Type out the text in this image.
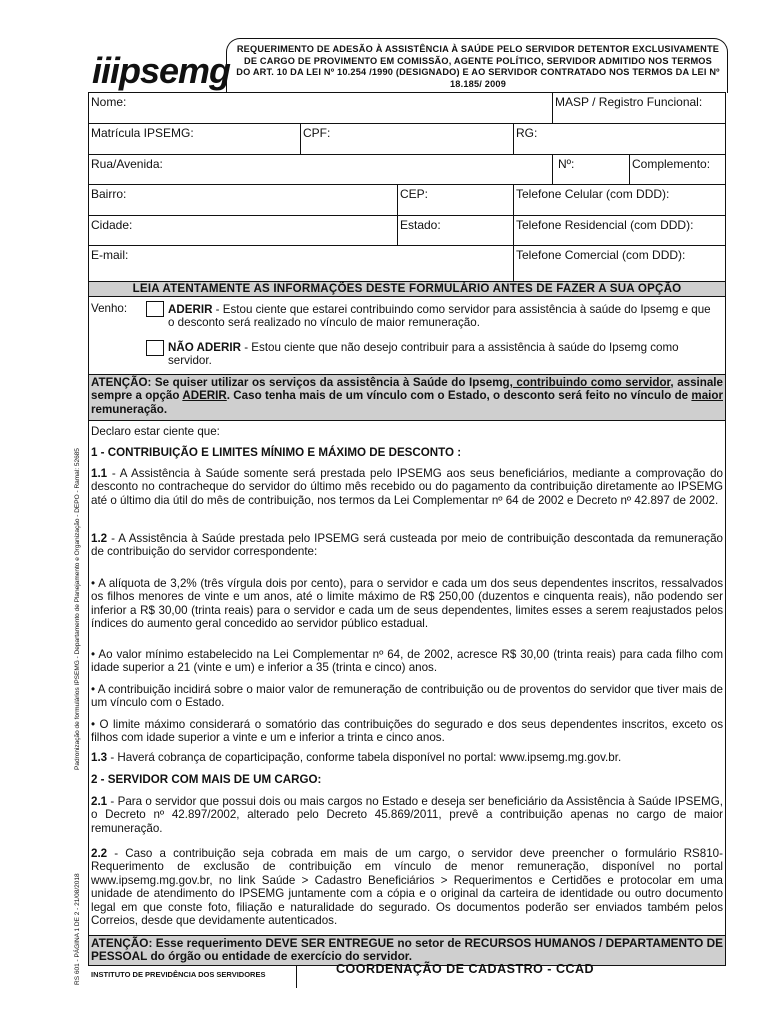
iiipsemg
REQUERIMENTO DE ADESÃO À ASSISTÊNCIA À SAÚDE PELO SERVIDOR DETENTOR EXCLUSIVAMENTE DE CARGO DE PROVIMENTO EM COMISSÃO, AGENTE POLÍTICO, SERVIDOR ADMITIDO NOS TERMOS DO ART. 10 DA LEI Nº 10.254 /1990 (DESIGNADO) E AO SERVIDOR CONTRATADO NOS TERMOS DA LEI Nº 18.185/ 2009
Padronização de formulários IPSEMG - Departamento de Planejamento e Organização - DEPO - Ramal: 52685
RS 601 - PÁGINA 1 DE 2 - 21/08/2018
Nome:	MASP / Registro Funcional:
Matrícula IPSEMG:	CPF:	RG:
Rua/Avenida:	Nº:	Complemento:
Bairro:	CEP:	Telefone Celular (com DDD):
Cidade:	Estado:	Telefone Residencial (com DDD):
E-mail:	Telefone Comercial (com DDD):
LEIA ATENTAMENTE AS INFORMAÇÕES DESTE FORMULÁRIO ANTES DE FAZER A SUA OPÇÃO
Venho:	ADERIR - Estou ciente que estarei contribuindo como servidor para assistência à saúde do Ipsemg e que o desconto será realizado no vínculo de maior remuneração.
NÃO ADERIR - Estou ciente que não desejo contribuir para a assistência à saúde do Ipsemg como servidor.
ATENÇÃO: Se quiser utilizar os serviços da assistência à Saúde do Ipsemg, contribuindo como servidor, assinale sempre a opção ADERIR. Caso tenha mais de um vínculo com o Estado, o desconto será feito no vínculo de maior remuneração.
Declaro estar ciente que:
1 - CONTRIBUIÇÃO E LIMITES MÍNIMO E MÁXIMO DE DESCONTO :
1.1 - A Assistência à Saúde somente será prestada pelo IPSEMG aos seus beneficiários, mediante a comprovação do desconto no contracheque do servidor do último mês recebido ou do pagamento da contribuição diretamente ao IPSEMG até o último dia útil do mês de contribuição, nos termos da Lei Complementar nº 64 de 2002 e Decreto nº 42.897 de 2002.
1.2 - A Assistência à Saúde prestada pelo IPSEMG será custeada por meio de contribuição descontada da remuneração de contribuição do servidor correspondente:
• A alíquota de 3,2% (três vírgula dois por cento), para o servidor e cada um dos seus dependentes inscritos, ressalvados os filhos menores de vinte e um anos, até o limite máximo de R$ 250,00 (duzentos e cinquenta reais), não podendo ser inferior a R$ 30,00 (trinta reais) para o servidor e cada um de seus dependentes, limites esses a serem reajustados pelos índices do aumento geral concedido ao servidor público estadual.
• Ao valor mínimo estabelecido na Lei Complementar nº 64, de 2002, acresce R$ 30,00 (trinta reais) para cada filho com idade superior a 21 (vinte e um) e inferior a 35 (trinta e cinco) anos.
• A contribuição incidirá sobre o maior valor de remuneração de contribuição ou de proventos do servidor que tiver mais de um vínculo com o Estado.
• O limite máximo considerará o somatório das contribuições do segurado e dos seus dependentes inscritos, exceto os filhos com idade superior a vinte e um e inferior a trinta e cinco anos.
1.3 - Haverá cobrança de coparticipação, conforme tabela disponível no portal: www.ipsemg.mg.gov.br.
2 - SERVIDOR COM MAIS DE UM CARGO:
2.1 - Para o servidor que possui dois ou mais cargos no Estado e deseja ser beneficiário da Assistência à Saúde IPSEMG, o Decreto nº 42.897/2002, alterado pelo Decreto 45.869/2011, prevê a contribuição apenas no cargo de maior remuneração.
2.2 - Caso a contribuição seja cobrada em mais de um cargo, o servidor deve preencher o formulário RS810-Requerimento de exclusão de contribuição em vínculo de menor remuneração, disponível no portal www.ipsemg.mg.gov.br, no link Saúde > Cadastro Beneficiários > Requerimentos e Certidões e protocolar em uma unidade de atendimento do IPSEMG juntamente com a cópia e o original da carteira de identidade ou outro documento legal em que conste foto, filiação e naturalidade do segurado. Os documentos poderão ser enviados também pelos Correios, desde que devidamente autenticados.
ATENÇÃO: Esse requerimento DEVE SER ENTREGUE no setor de RECURSOS HUMANOS / DEPARTAMENTO DE PESSOAL do órgão ou entidade de exercício do servidor.
INSTITUTO DE PREVIDÊNCIA DOS SERVIDORES	COORDENAÇÃO DE CADASTRO - CCAD
